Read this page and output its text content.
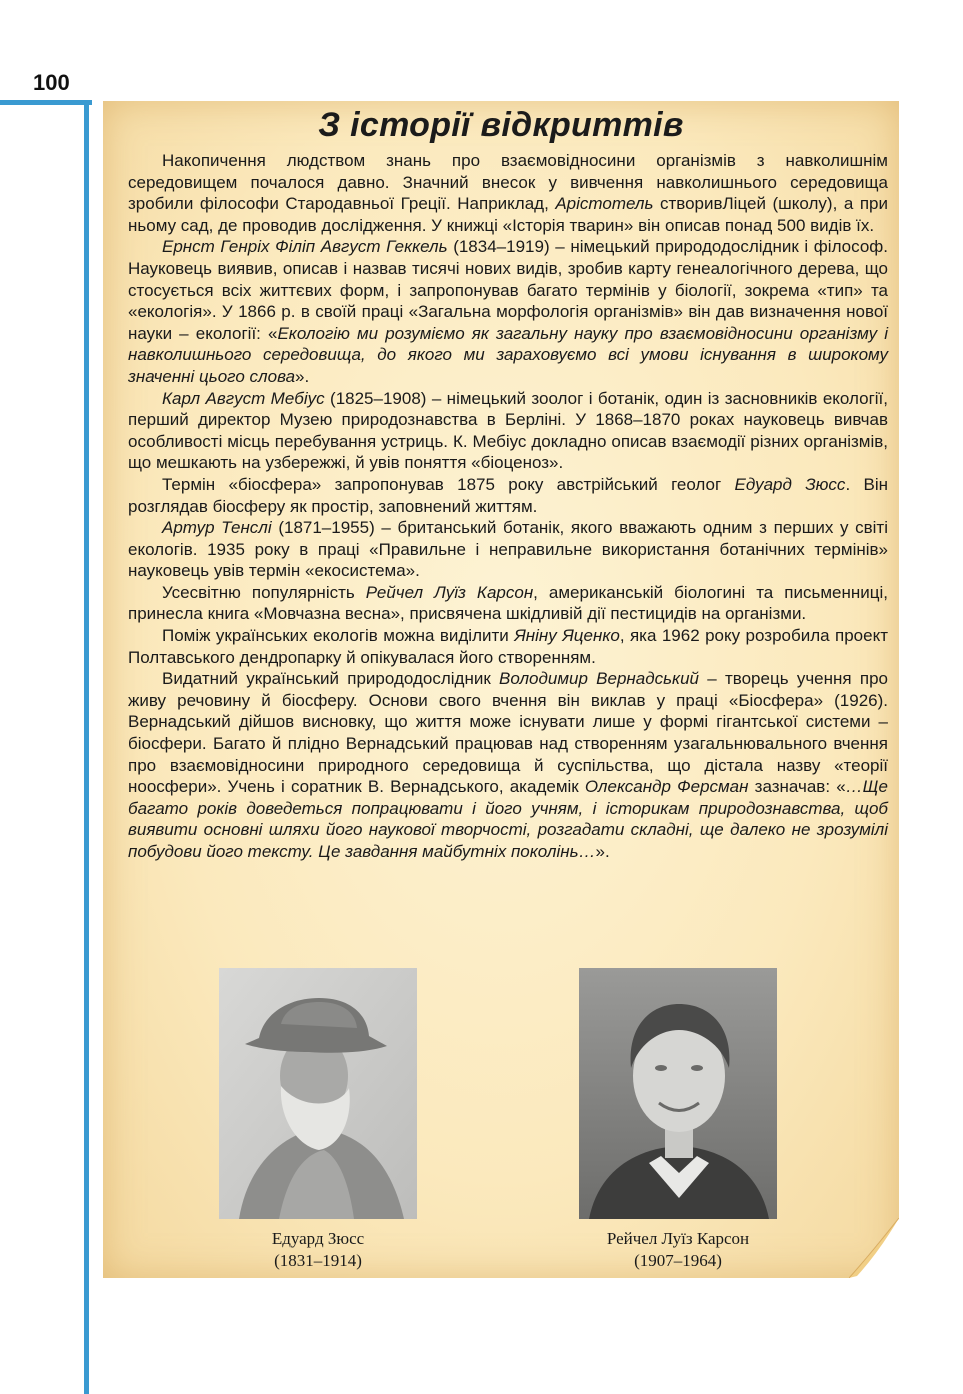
100
З історії відкриттів

Накопичення людством знань про взаємовідносини організмів з навколишнім середовищем почалося давно. Значний внесок у вивчення навколишнього середовища зробили філософи Стародавньої Греції. Наприклад, Арістотель створивЛіцей (школу), а при ньому сад, де проводив дослідження. У книжці «Історія тварин» він описав понад 500 видів їх.

Ернст Генріх Філіп Август Геккель (1834–1919) – німецький природодослідник і філософ. Науковець виявив, описав і назвав тисячі нових видів, зробив карту генеалогічного дерева, що стосується всіх життєвих форм, і запропонував багато термінів у біології, зокрема «тип» та «екологія». У 1866 р. в своїй праці «Загальна морфологія організмів» він дав визначення нової науки – екології: «Екологію ми розуміємо як загальну науку про взаємовідносини організму і навколишнього середовища, до якого ми зараховуємо всі умови існування в широкому значенні цього слова».

Карл Август Мебіус (1825–1908) – німецький зоолог і ботанік, один із засновників екології, перший директор Музею природознавства в Берліні. У 1868–1870 роках науковець вивчав особливості місць перебування устриць. К. Мебіус докладно описав взаємодії різних організмів, що мешкають на узбережжі, й увів поняття «біоценоз».

Термін «біосфера» запропонував 1875 року австрійський геолог Едуард Зюсс. Він розглядав біосферу як простір, заповнений життям.

Артур Тенслі (1871–1955) – британський ботанік, якого вважають одним з перших у світі екологів. 1935 року в праці «Правильне і неправильне використання ботанічних термінів» науковець увів термін «екосистема».

Усесвітню популярність Рейчел Луїз Карсон, американській біологині та письменниці, принесла книга «Мовчазна весна», присвячена шкідливій дії пестицидів на організми.

Поміж українських екологів можна виділити Яніну Яценко, яка 1962 року розробила проект Полтавського дендропарку й опікувалася його створенням.

Видатний український природодослідник Володимир Вернадський – творець учення про живу речовину й біосферу. Основи свого вчення він виклав у праці «Біосфера» (1926). Вернадський дійшов висновку, що життя може існувати лише у формі гігантської системи – біосфери. Багато й плідно Вернадський працював над створенням узагальнювального вчення про взаємовідносини природного середовища й суспільства, що дістала назву «теорії ноосфери». Учень і соратник В. Вернадського, академік Олександр Ферсман зазначав: «…Ще багато років доведеться попрацювати і його учням, і історикам природознавства, щоб виявити основні шляхи його наукової творчості, розгадати складні, ще далеко не зрозумілі побудови його тексту. Це завдання майбутніх поколінь…».

Едуард Зюсс
(1831–1914)
Рейчел Луїз Карсон
(1907–1964)
